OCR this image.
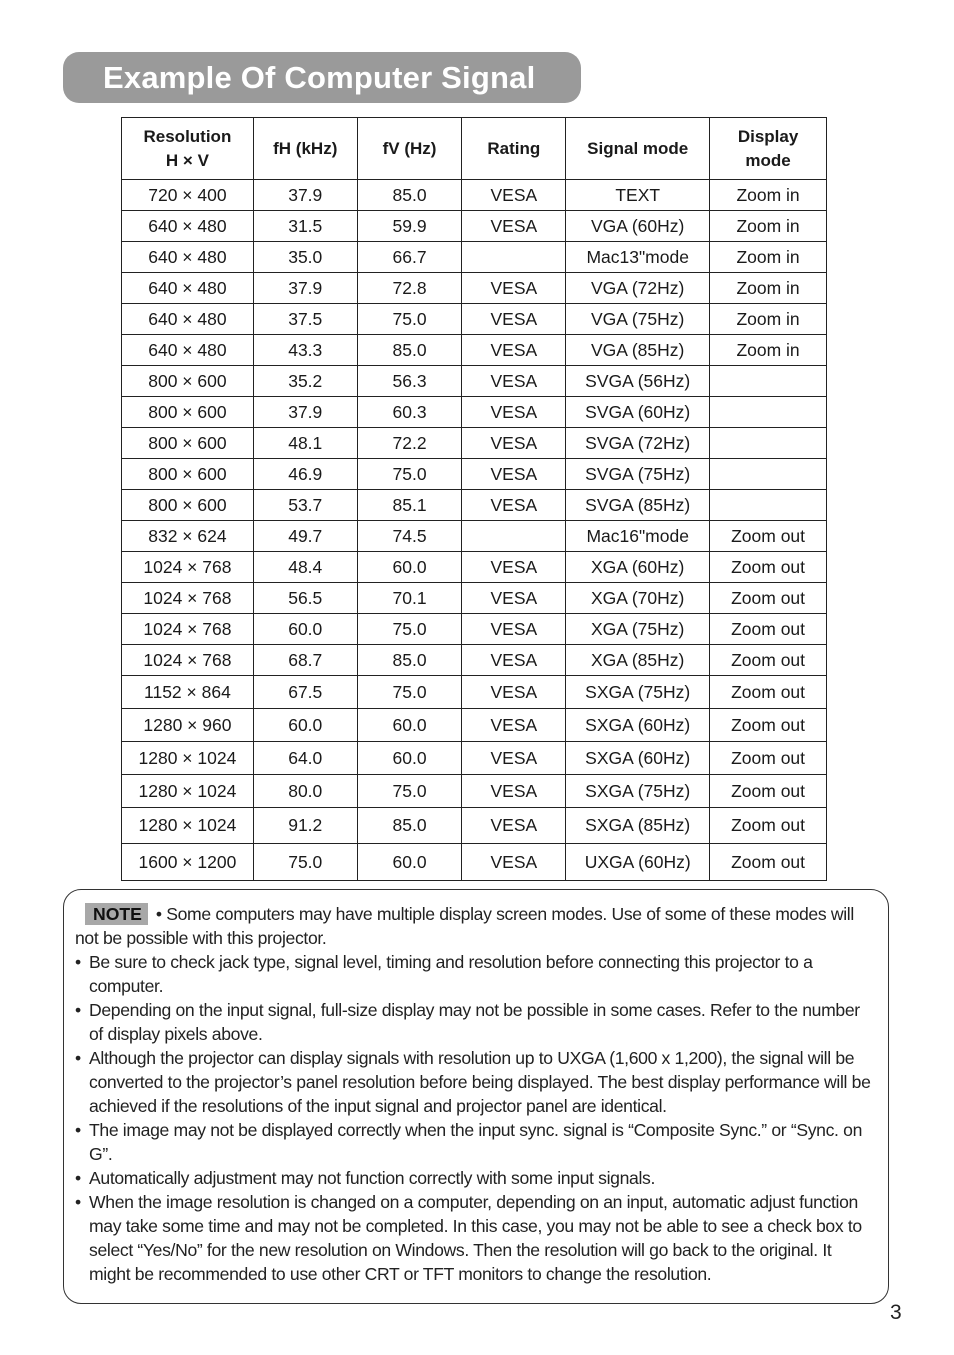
Example Of Computer Signal
Resolution
H × V	fH (kHz)	fV (Hz)	Rating	Signal mode	Display
mode

720 × 400	37.9	85.0	VESA	TEXT	Zoom in
640 × 480	31.5	59.9	VESA	VGA (60Hz)	Zoom in
640 × 480	35.0	66.7		Mac13"mode	Zoom in
640 × 480	37.9	72.8	VESA	VGA (72Hz)	Zoom in
640 × 480	37.5	75.0	VESA	VGA (75Hz)	Zoom in
640 × 480	43.3	85.0	VESA	VGA (85Hz)	Zoom in
800 × 600	35.2	56.3	VESA	SVGA (56Hz)	
800 × 600	37.9	60.3	VESA	SVGA (60Hz)	
800 × 600	48.1	72.2	VESA	SVGA (72Hz)	
800 × 600	46.9	75.0	VESA	SVGA (75Hz)	
800 × 600	53.7	85.1	VESA	SVGA (85Hz)	
832 × 624	49.7	74.5		Mac16"mode	Zoom out
1024 × 768	48.4	60.0	VESA	XGA (60Hz)	Zoom out
1024 × 768	56.5	70.1	VESA	XGA (70Hz)	Zoom out
1024 × 768	60.0	75.0	VESA	XGA (75Hz)	Zoom out
1024 × 768	68.7	85.0	VESA	XGA (85Hz)	Zoom out
1152 × 864	67.5	75.0	VESA	SXGA (75Hz)	Zoom out
1280 × 960	60.0	60.0	VESA	SXGA (60Hz)	Zoom out
1280 × 1024	64.0	60.0	VESA	SXGA (60Hz)	Zoom out
1280 × 1024	80.0	75.0	VESA	SXGA (75Hz)	Zoom out
1280 × 1024	91.2	85.0	VESA	SXGA (85Hz)	Zoom out
1600 × 1200	75.0	60.0	VESA	UXGA (60Hz)	Zoom out

NOTE • Some computers may have multiple display screen modes. Use of some of these modes will not be possible with this projector.

• Be sure to check jack type, signal level, timing and resolution before connecting this projector to a computer.
• Depending on the input signal, full-size display may not be possible in some cases. Refer to the number of display pixels above.
• Although the projector can display signals with resolution up to UXGA (1,600 x 1,200), the signal will be converted to the projector’s panel resolution before being displayed. The best display performance will be achieved if the resolutions of the input signal and projector panel are identical.
• The image may not be displayed correctly when the input sync. signal is “Composite Sync.” or “Sync. on G”.
• Automatically adjustment may not function correctly with some input signals.
• When the image resolution is changed on a computer, depending on an input, automatic adjust function may take some time and may not be completed. In this case, you may not be able to see a check box to select “Yes/No” for the new resolution on Windows. Then the resolution will go back to the original. It might be recommended to use other CRT or TFT monitors to change the resolution.
3
